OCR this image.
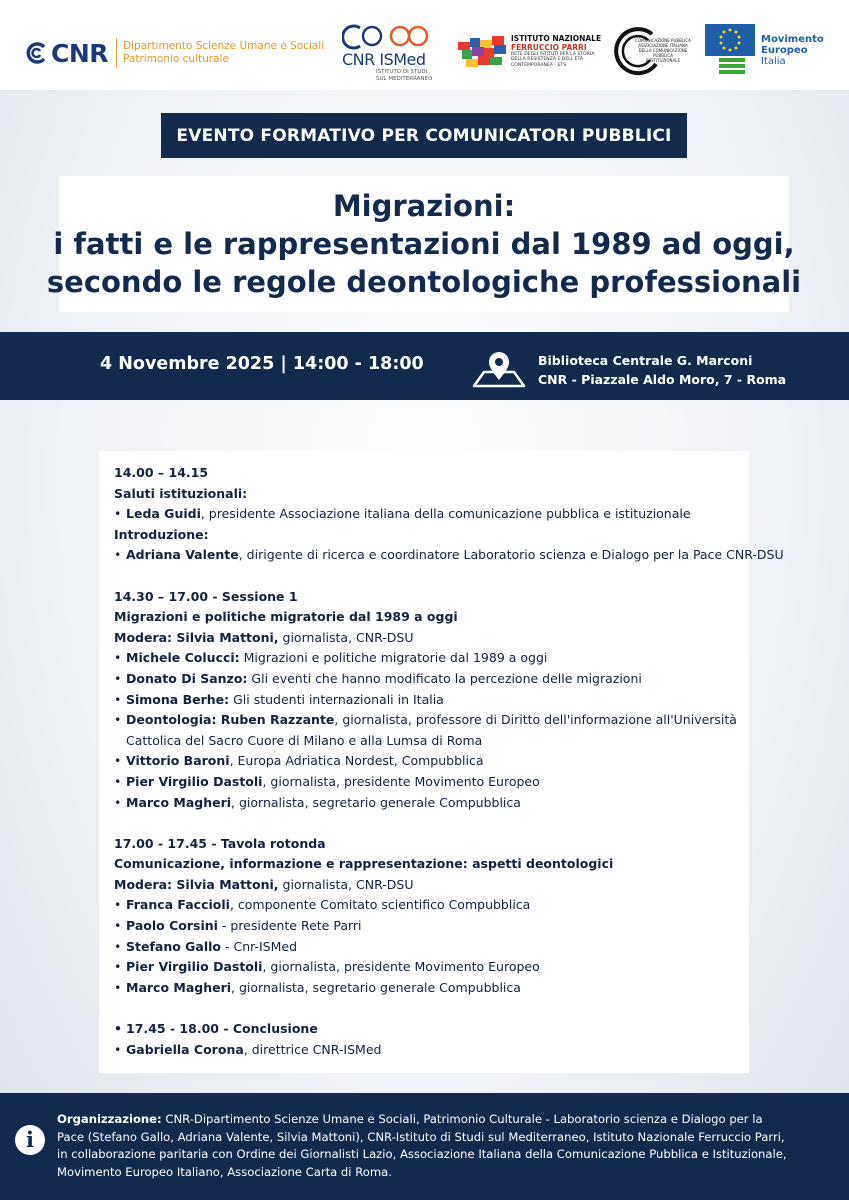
CNR Dipartimento Scienze Umane e Sociali
Patrimonio culturale	CNR ISMed
ISTITUTO DI STUDI
SUL MEDITERRANEO
ISTITUTO NAZIONALE
FERRUCCIO PARRI
RETE DEGLI ISTITUTI PER LA STORIA
DELLA RESISTENZA E DELL'ETÀ
CONTEMPORANEA - ETS
COMUNICAZIONE PUBBLICA
ASSOCIAZIONE ITALIANA
DELLA COMUNICAZIONE PUBBLICA
E ISTITUZIONALE
Movimento
Europeo
Italia
EVENTO FORMATIVO PER COMUNICATORI PUBBLICI
Migrazioni:
i fatti e le rappresentazioni dal 1989 ad oggi,
secondo le regole deontologiche professionali
4 Novembre 2025 | 14:00 - 18:00	Biblioteca Centrale G. Marconi
CNR - Piazzale Aldo Moro, 7 - Roma
14.00 – 14.15
Saluti istituzionali:
• Leda Guidi, presidente Associazione italiana della comunicazione pubblica e istituzionale
Introduzione:
• Adriana Valente, dirigente di ricerca e coordinatore Laboratorio scienza e Dialogo per la Pace CNR-DSU
14.30 – 17.00 - Sessione 1
Migrazioni e politiche migratorie dal 1989 a oggi
Modera: Silvia Mattoni, giornalista, CNR-DSU
• Michele Colucci: Migrazioni e politiche migratorie dal 1989 a oggi
• Donato Di Sanzo: Gli eventi che hanno modificato la percezione delle migrazioni
• Simona Berhe: Gli studenti internazionali in Italia
• Deontologia: Ruben Razzante, giornalista, professore di Diritto dell'informazione all'Università
Cattolica del Sacro Cuore di Milano e alla Lumsa di Roma
• Vittorio Baroni, Europa Adriatica Nordest, Compubblica
• Pier Virgilio Dastoli, giornalista, presidente Movimento Europeo
• Marco Magheri, giornalista, segretario generale Compubblica
17.00 - 17.45 - Tavola rotonda
Comunicazione, informazione e rappresentazione: aspetti deontologici
Modera: Silvia Mattoni, giornalista, CNR-DSU
• Franca Faccioli, componente Comitato scientifico Compubblica
• Paolo Corsini - presidente Rete Parri
• Stefano Gallo - Cnr-ISMed
• Pier Virgilio Dastoli, giornalista, presidente Movimento Europeo
• Marco Magheri, giornalista, segretario generale Compubblica
• 17.45 - 18.00 - Conclusione
• Gabriella Corona, direttrice CNR-ISMed
i
Organizzazione: CNR-Dipartimento Scienze Umane e Sociali, Patrimonio Culturale - Laboratorio scienza e Dialogo per la Pace (Stefano Gallo, Adriana Valente, Silvia Mattoni), CNR-Istituto di Studi sul Mediterraneo, Istituto Nazionale Ferruccio Parri, in collaborazione paritaria con Ordine dei Giornalisti Lazio, Associazione Italiana della Comunicazione Pubblica e Istituzionale, Movimento Europeo Italiano, Associazione Carta di Roma.
